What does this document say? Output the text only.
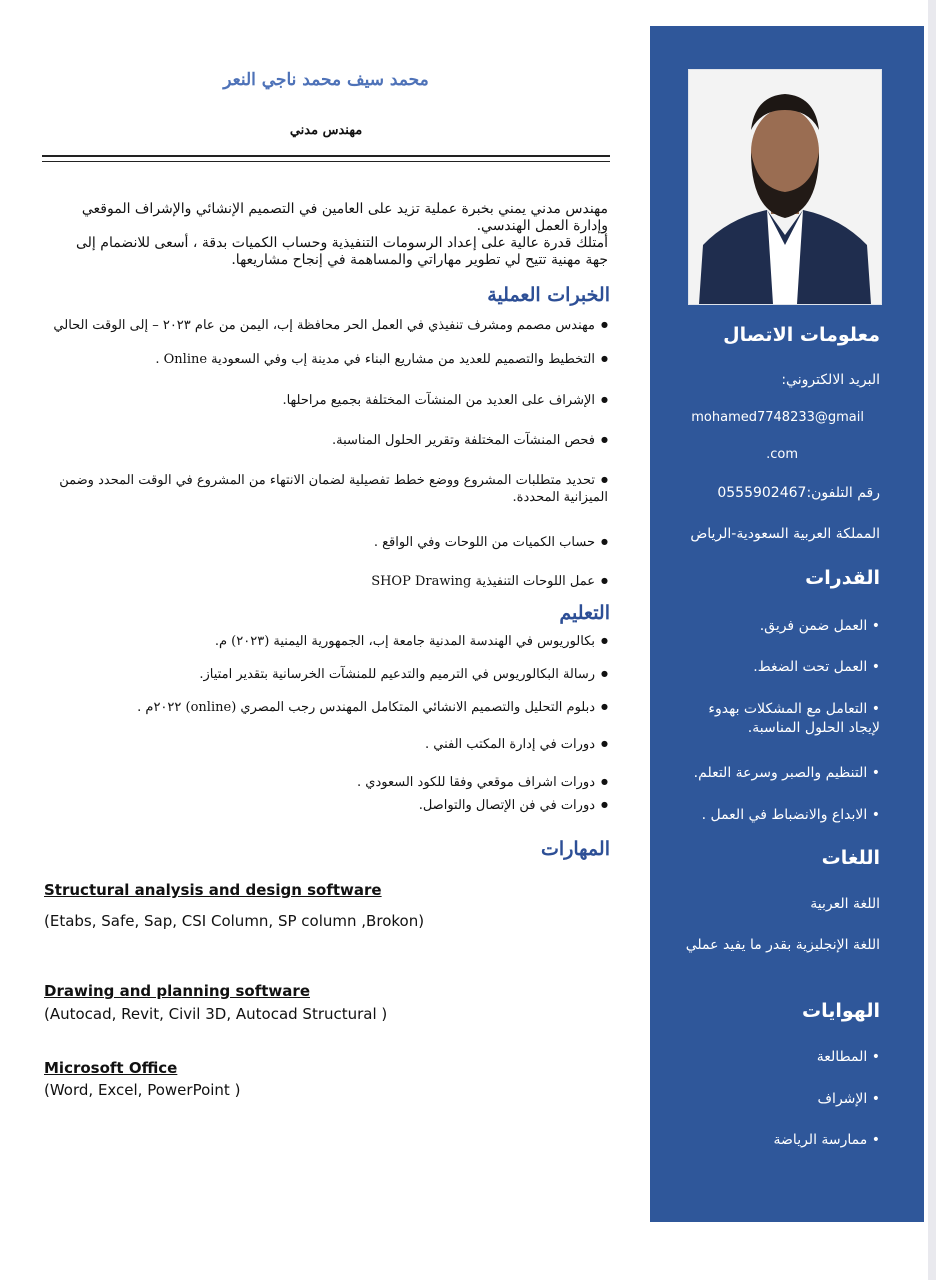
معلومات الاتصال
البريد الالكتروني:
mohamed7748233@gmail
.com
رقم التلفون:0555902467
المملكة العربية السعودية-الرياض
القدرات
• العمل ضمن فريق.
• العمل تحت الضغط.
• التعامل مع المشكلات بهدوء لإيجاد الحلول المناسبة.
• التنظيم والصبر وسرعة التعلم.
• الابداع والانضباط في العمل .
اللغات
اللغة العربية
اللغة الإنجليزية بقدر ما يفيد عملي
الهوايات
• المطالعة
• الإشراف
• ممارسة الرياضة
محمد سيف محمد ناجي النعر
مهندس مدني
مهندس مدني يمني بخبرة عملية تزيد على العامين في التصميم الإنشائي والإشراف الموقعي وإدارة العمل الهندسي.
أمتلك قدرة عالية على إعداد الرسومات التنفيذية وحساب الكميات بدقة ، أسعى للانضمام إلى جهة مهنية تتيح لي تطوير مهاراتي والمساهمة في إنجاح مشاريعها.
الخبرات العملية
● مهندس مصمم ومشرف تنفيذي في العمل الحر محافظة إب، اليمن من عام ٢٠٢٣ – إلى الوقت الحالي
● التخطيط والتصميم للعديد من مشاريع البناء في مدينة إب وفي السعودية Online .
● الإشراف على العديد من المنشآت المختلفة بجميع مراحلها.
● فحص المنشآت المختلفة وتقرير الحلول المناسبة.
● تحديد متطلبات المشروع ووضع خطط تفصيلية لضمان الانتهاء من المشروع في الوقت المحدد وضمن الميزانية المحددة.
● حساب الكميات من اللوحات وفي الواقع .
● عمل اللوحات التنفيذية SHOP Drawing
التعليم
● بكالوريوس في الهندسة المدنية جامعة إب، الجمهورية اليمنية (٢٠٢٣) م.
● رسالة البكالوريوس في الترميم والتدعيم للمنشآت الخرسانية بتقدير امتياز.
● دبلوم التحليل والتصميم الانشائي المتكامل المهندس رجب المصري (online) ٢٠٢٢م .
● دورات في إدارة المكتب الفني .
● دورات اشراف موقعي وفقا للكود السعودي .
● دورات في فن الإتصال والتواصل.
المهارات
Structural analysis and design software
(Etabs, Safe, Sap, CSI Column, SP column ,Brokon)
Drawing and planning software
(Autocad, Revit, Civil 3D, Autocad Structural )
Microsoft Office
(Word, Excel, PowerPoint )
